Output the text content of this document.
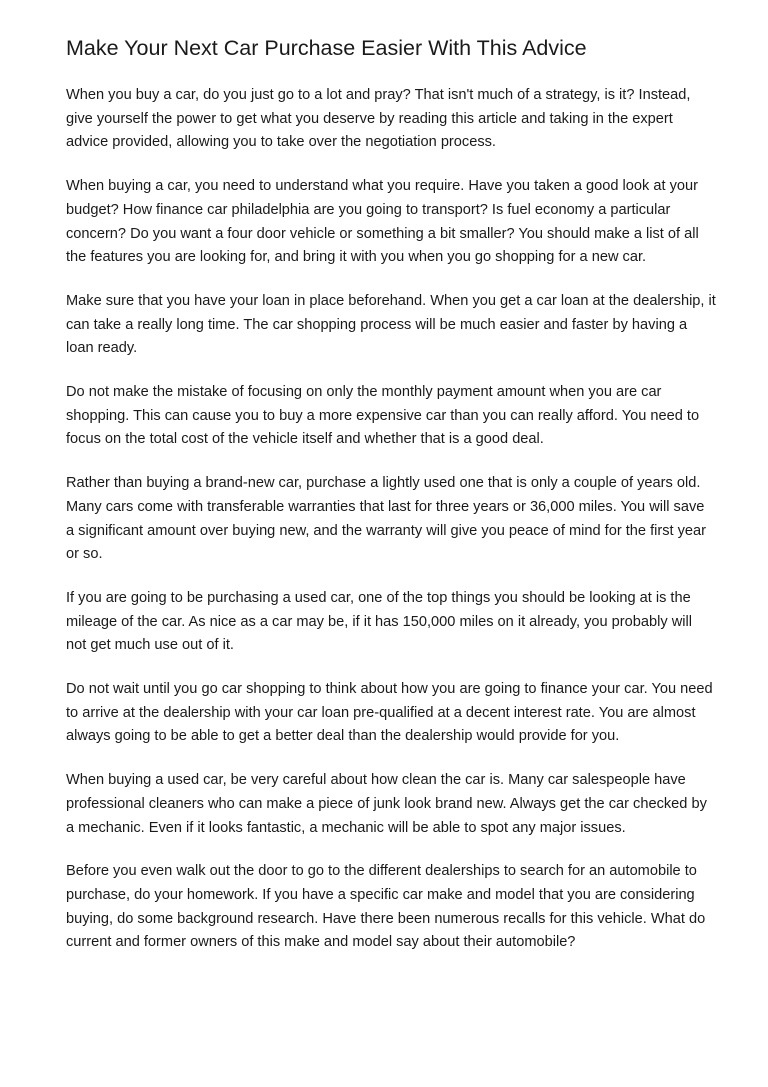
Make Your Next Car Purchase Easier With This Advice

When you buy a car, do you just go to a lot and pray? That isn't much of a strategy, is it? Instead, give yourself the power to get what you deserve by reading this article and taking in the expert advice provided, allowing you to take over the negotiation process.

When buying a car, you need to understand what you require. Have you taken a good look at your budget? How finance car philadelphia are you going to transport? Is fuel economy a particular concern? Do you want a four door vehicle or something a bit smaller? You should make a list of all the features you are looking for, and bring it with you when you go shopping for a new car.

Make sure that you have your loan in place beforehand. When you get a car loan at the dealership, it can take a really long time. The car shopping process will be much easier and faster by having a loan ready.

Do not make the mistake of focusing on only the monthly payment amount when you are car shopping. This can cause you to buy a more expensive car than you can really afford. You need to focus on the total cost of the vehicle itself and whether that is a good deal.

Rather than buying a brand-new car, purchase a lightly used one that is only a couple of years old. Many cars come with transferable warranties that last for three years or 36,000 miles. You will save a significant amount over buying new, and the warranty will give you peace of mind for the first year or so.

If you are going to be purchasing a used car, one of the top things you should be looking at is the mileage of the car. As nice as a car may be, if it has 150,000 miles on it already, you probably will not get much use out of it.

Do not wait until you go car shopping to think about how you are going to finance your car. You need to arrive at the dealership with your car loan pre-qualified at a decent interest rate. You are almost always going to be able to get a better deal than the dealership would provide for you.

When buying a used car, be very careful about how clean the car is. Many car salespeople have professional cleaners who can make a piece of junk look brand new. Always get the car checked by a mechanic. Even if it looks fantastic, a mechanic will be able to spot any major issues.

Before you even walk out the door to go to the different dealerships to search for an automobile to purchase, do your homework. If you have a specific car make and model that you are considering buying, do some background research. Have there been numerous recalls for this vehicle. What do current and former owners of this make and model say about their automobile?
